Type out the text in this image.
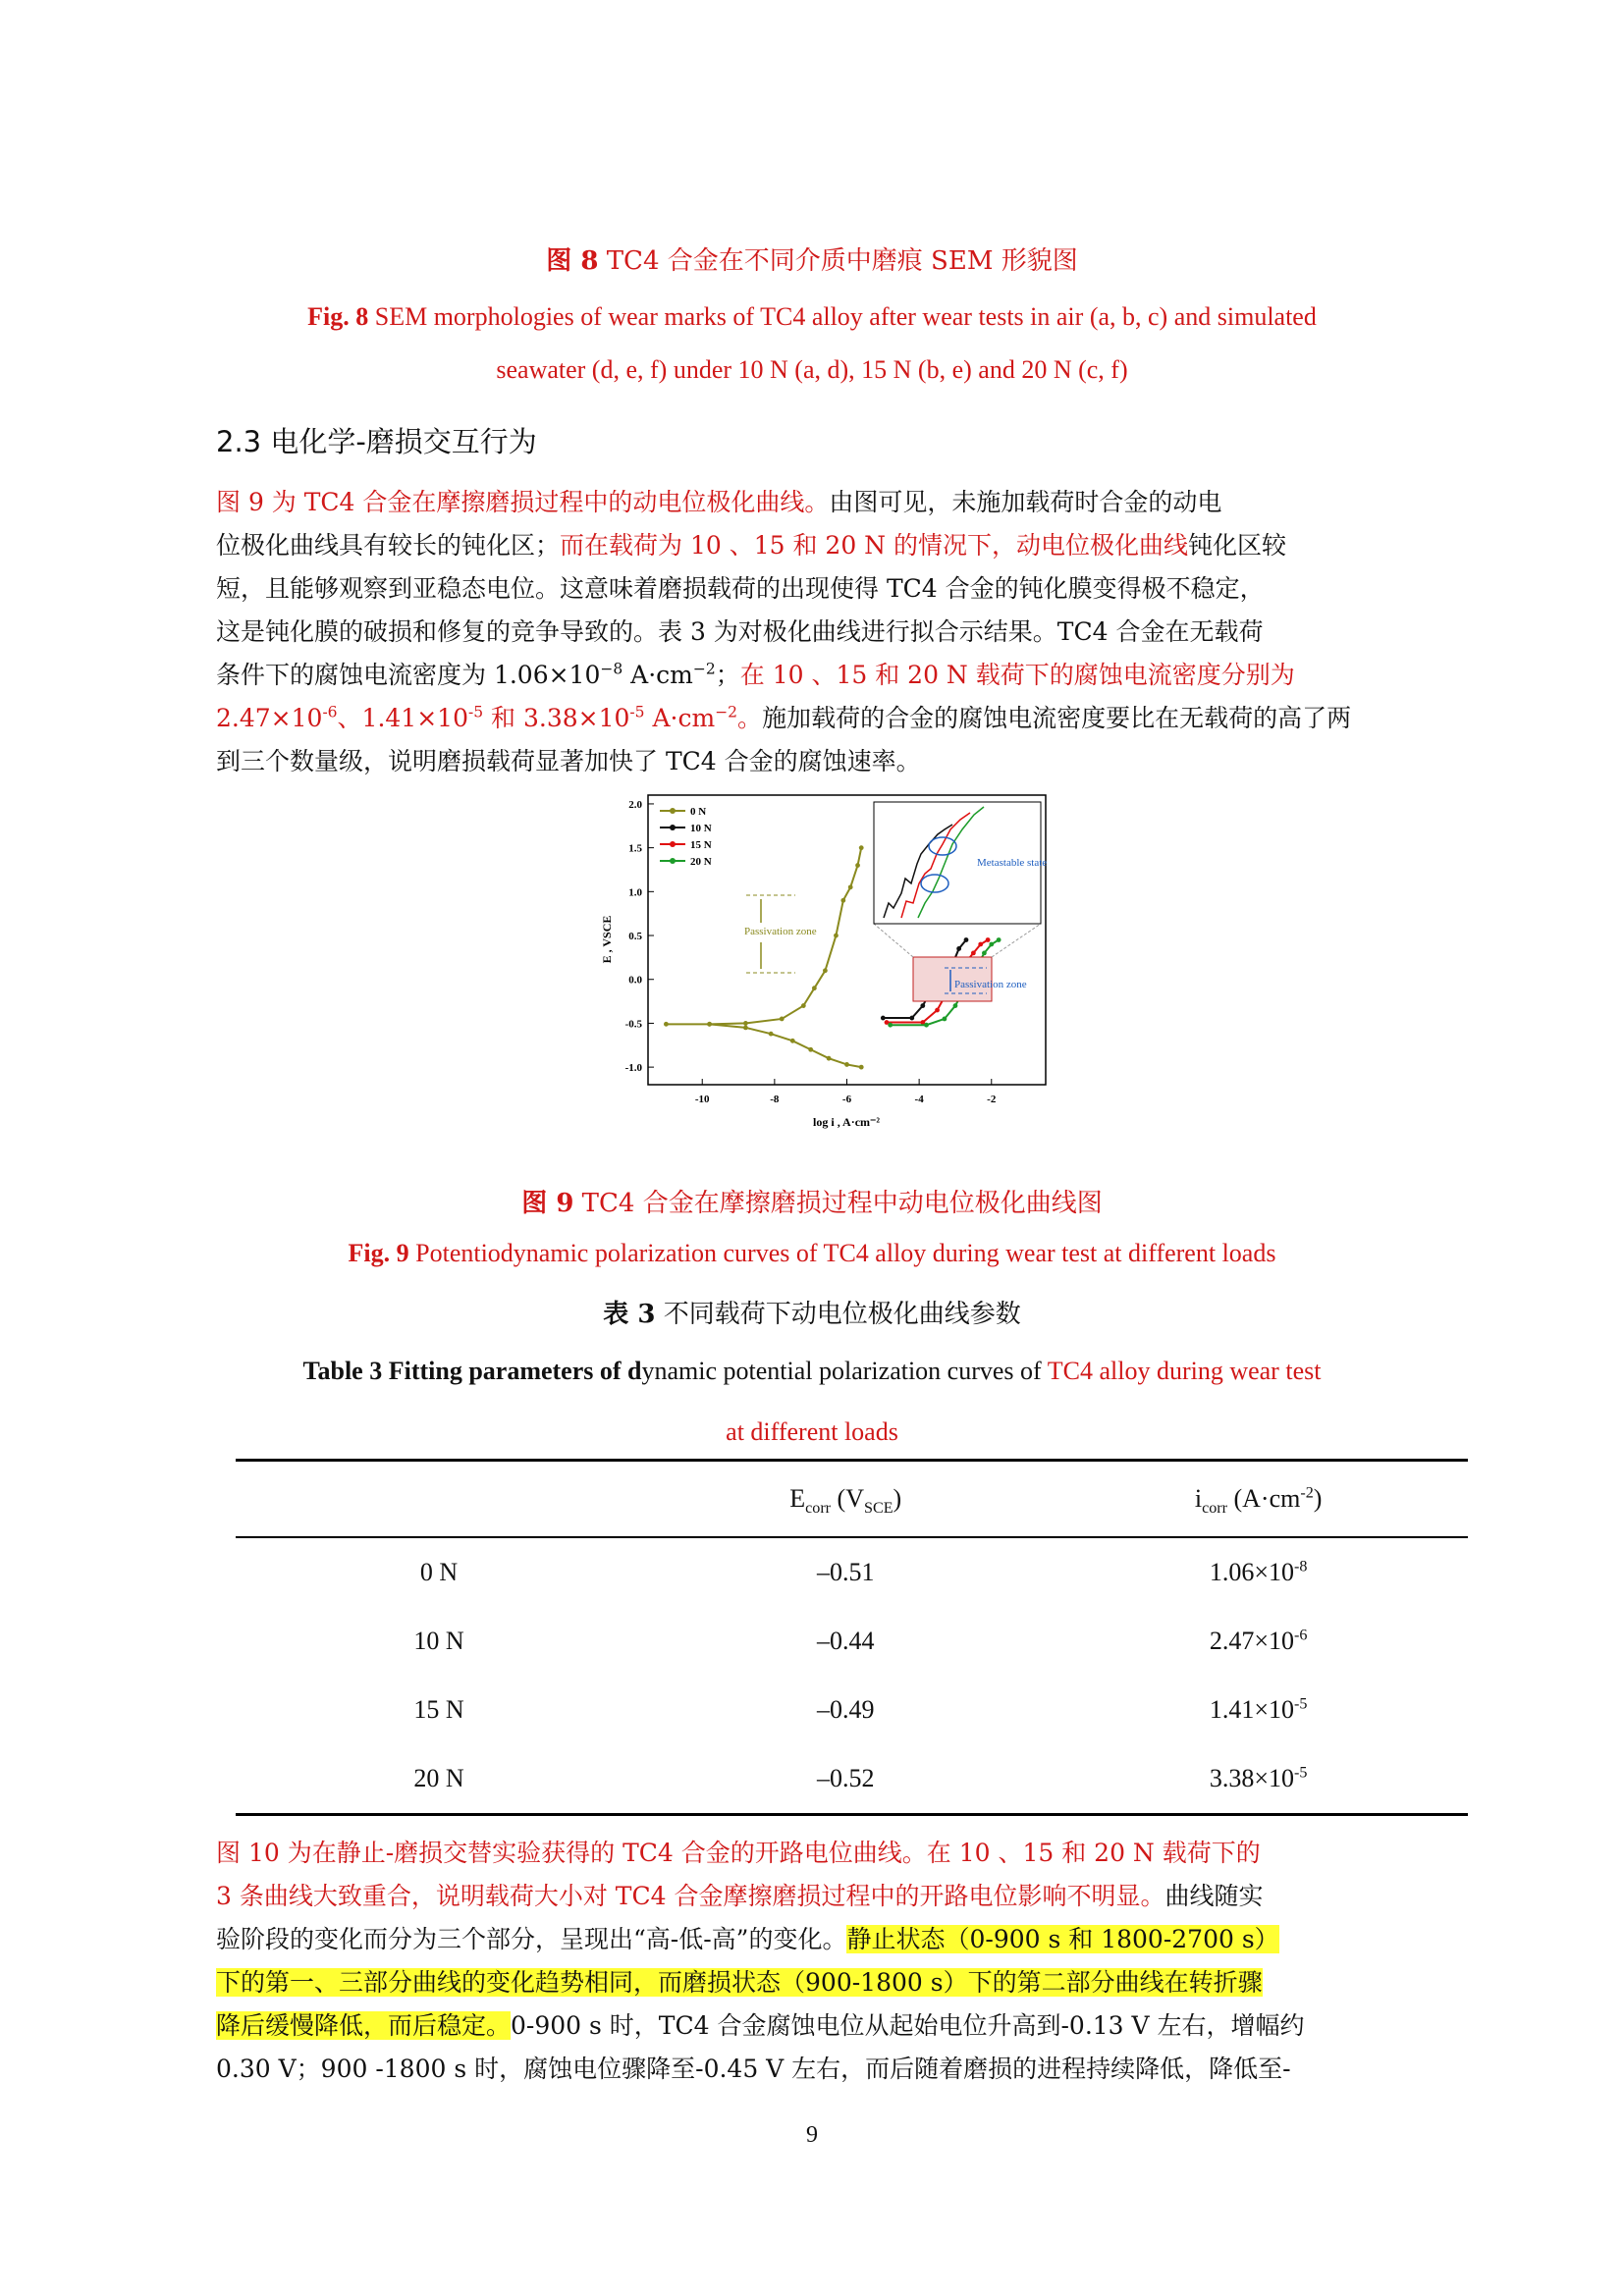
图 8 TC4 合金在不同介质中磨痕 SEM 形貌图
Fig. 8 SEM morphologies of wear marks of TC4 alloy after wear tests in air (a, b, c) and simulated
seawater (d, e, f) under 10 N (a, d), 15 N (b, e) and 20 N (c, f)
2.3 电化学-磨损交互行为
图 9 为 TC4 合金在摩擦磨损过程中的动电位极化曲线。由图可见，未施加载荷时合金的动电
位极化曲线具有较长的钝化区；而在载荷为 10 、15 和 20 N 的情况下，动电位极化曲线钝化区较
短，且能够观察到亚稳态电位。这意味着磨损载荷的出现使得 TC4 合金的钝化膜变得极不稳定，
这是钝化膜的破损和修复的竞争导致的。表 3 为对极化曲线进行拟合示结果。TC4 合金在无载荷
条件下的腐蚀电流密度为 $1.06\times 10^{-8}$ $A\cdot cm^{-2}$；在 10 、15 和 20 N 载荷下的腐蚀电流密度分别为
$2.47\times 10^{-6}$、$1.41\times 10^{-5}$ 和 $3.38\times 10^{-5}$ $A\cdot cm^{-2}$。施加载荷的合金的腐蚀电流密度要比在无载荷的高了两
到三个数量级，说明磨损载荷显著加快了 TC4 合金的腐蚀速率。
-10	-8	-6	-4	-2
2.0
1.5
1.0
0.5
0.0
-0.5
-1.0
Metastable state
Passivation zone
Passivation zone
0 N
10 N
15 N
20 N
log i , A·cm⁻²
E , VSCE
图 9 TC4 合金在摩擦磨损过程中动电位极化曲线图
Fig. 9 Potentiodynamic polarization curves of TC4 alloy during wear test at different loads
表 3 不同载荷下动电位极化曲线参数
Table 3 Fitting parameters of dynamic potential polarization curves of TC4 alloy during wear test
at different loads
	$E_{corr}$ $(V_{SCE})$	$i_{corr}$ $(A\cdot cm^{-2})$
0 N	–0.51	$1.06\times 10^{-8}$
10 N	–0.44	$2.47\times 10^{-6}$
15 N	–0.49	$1.41\times 10^{-5}$
20 N	–0.52	$3.38\times 10^{-5}$
图 10 为在静止-磨损交替实验获得的 TC4 合金的开路电位曲线。在 10 、15 和 20 N 载荷下的
3 条曲线大致重合，说明载荷大小对 TC4 合金摩擦磨损过程中的开路电位影响不明显。曲线随实
验阶段的变化而分为三个部分，呈现出“高-低-高”的变化。静止状态（0-900 s 和 1800-2700 s）
下的第一、三部分曲线的变化趋势相同，而磨损状态（900-1800 s）下的第二部分曲线在转折骤
降后缓慢降低，而后稳定。0-900 s 时，TC4 合金腐蚀电位从起始电位升高到-0.13 V 左右，增幅约
0.30 V；900 -1800 s 时，腐蚀电位骤降至-0.45 V 左右，而后随着磨损的进程持续降低，降低至-
9
